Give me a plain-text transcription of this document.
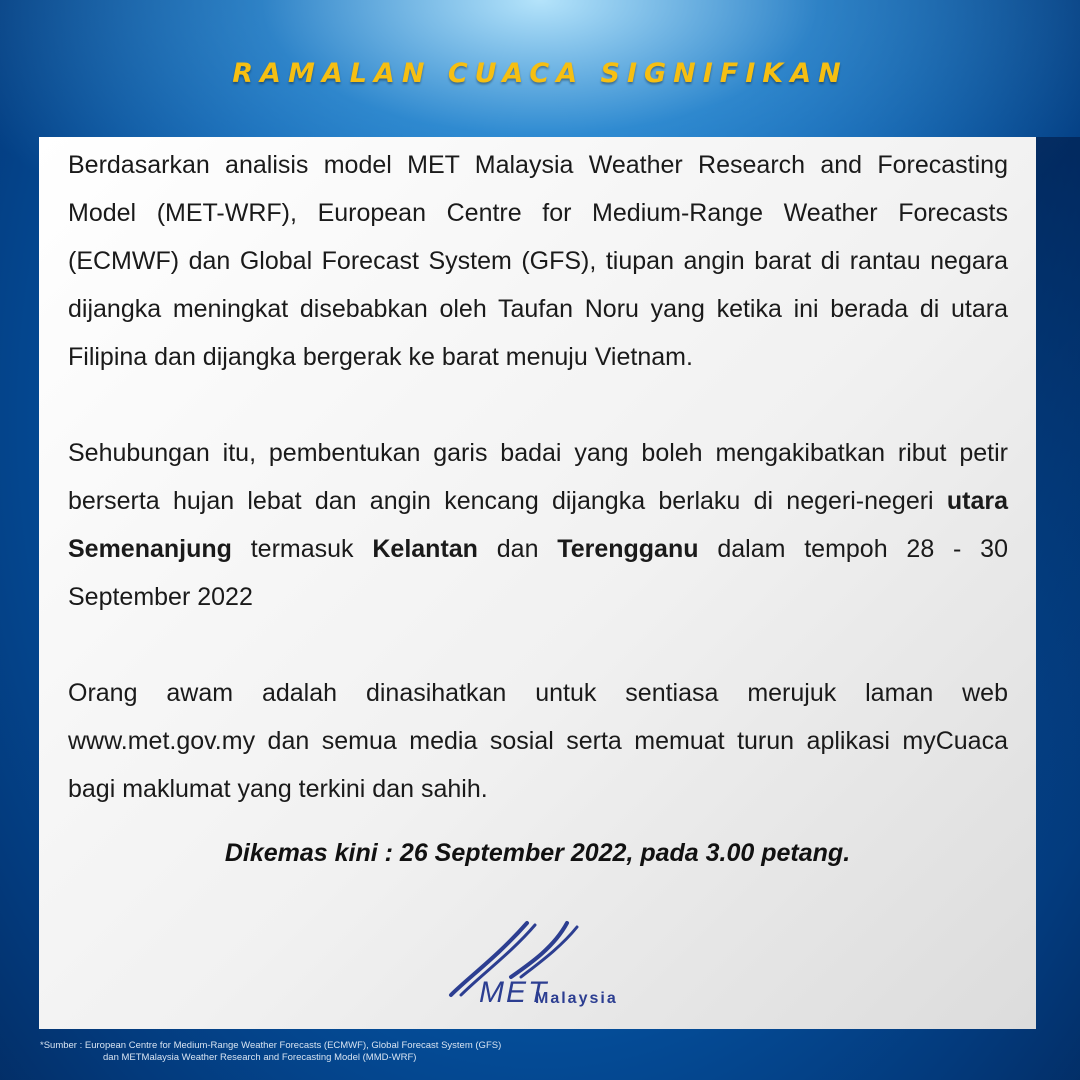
RAMALAN CUACA SIGNIFIKAN

Berdasarkan analisis model MET Malaysia Weather Research and Forecasting Model (MET-WRF), European Centre for Medium-Range Weather Forecasts (ECMWF) dan Global Forecast System (GFS), tiupan angin barat di rantau negara dijangka meningkat disebabkan oleh Taufan Noru yang ketika ini berada di utara Filipina dan dijangka bergerak ke barat menuju Vietnam.

Sehubungan itu, pembentukan garis badai yang boleh mengakibatkan ribut petir berserta hujan lebat dan angin kencang dijangka berlaku di negeri-negeri utara Semenanjung termasuk Kelantan dan Terengganu dalam tempoh 28 - 30 September 2022

Orang awam adalah dinasihatkan untuk sentiasa merujuk laman web www.met.gov.my dan semua media sosial serta memuat turun aplikasi myCuaca bagi maklumat yang terkini dan sahih.

Dikemas kini : 26 September 2022, pada 3.00 petang.
MET
Malaysia
*Sumber : European Centre for Medium-Range Weather Forecasts (ECMWF), Global Forecast System (GFS)
dan METMalaysia Weather Research and Forecasting Model (MMD-WRF)
